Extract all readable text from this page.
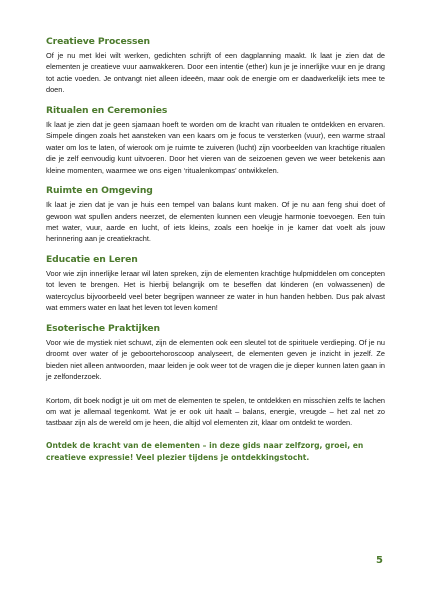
Creatieve Processen

Of je nu met klei wilt werken, gedichten schrijft of een dagplanning maakt. Ik laat je zien dat de elementen je creatieve vuur aanwakkeren. Door een intentie (ether) kun je je innerlijke vuur en je drang tot actie voeden. Je ontvangt niet alleen ideeën, maar ook de energie om er daadwerkelijk iets mee te doen.

Ritualen en Ceremonies

Ik laat je zien dat je geen sjamaan hoeft te worden om de kracht van ritualen te ontdekken en ervaren. Simpele dingen zoals het aansteken van een kaars om je focus te versterken (vuur), een warme straal water om los te laten, of wierook om je ruimte te zuiveren (lucht) zijn voorbeelden van krachtige ritualen die je zelf eenvoudig kunt uitvoeren. Door het vieren van de seizoenen geven we weer betekenis aan kleine momenten, waarmee we ons eigen ‘ritualenkompas’ ontwikkelen.

Ruimte en Omgeving

Ik laat je zien dat je van je huis een tempel van balans kunt maken. Of je nu aan feng shui doet of gewoon wat spullen anders neerzet, de elementen kunnen een vleugje harmonie toevoegen. Een tuin met water, vuur, aarde en lucht, of iets kleins, zoals een hoekje in je kamer dat voelt als jouw herinnering aan je creatiekracht.

Educatie en Leren

Voor wie zijn innerlijke leraar wil laten spreken, zijn de elementen krachtige hulpmiddelen om concepten tot leven te brengen. Het is hierbij belangrijk om te beseffen dat kinderen (en volwassenen) de watercyclus bijvoorbeeld veel beter begrijpen wanneer ze water in hun handen hebben. Dus pak alvast wat emmers water en laat het leven tot leven komen!

Esoterische Praktijken

Voor wie de mystiek niet schuwt, zijn de elementen ook een sleutel tot de spirituele verdieping. Of je nu droomt over water of je geboortehoroscoop analyseert, de elementen geven je inzicht in jezelf. Ze bieden niet alleen antwoorden, maar leiden je ook weer tot de vragen die je dieper kunnen laten gaan in je zelfonderzoek.

Kortom, dit boek nodigt je uit om met de elementen te spelen, te ontdekken en misschien zelfs te lachen om wat je allemaal tegenkomt. Wat je er ook uit haalt – balans, energie, vreugde – het zal net zo tastbaar zijn als de wereld om je heen, die altijd vol elementen zit, klaar om ontdekt te worden.

Ontdek de kracht van de elementen – in deze gids naar zelfzorg, groei, en creatieve expressie! Veel plezier tijdens je ontdekkingstocht.

5
